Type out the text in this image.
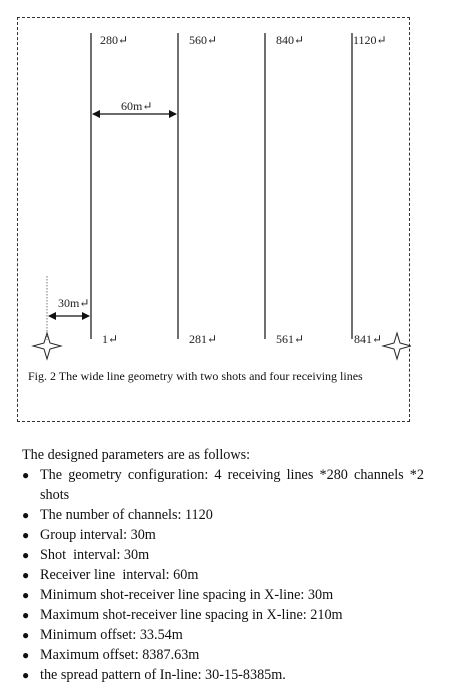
280↵	560↵	840↵	1120↵
1↵	281↵	561↵	841↵
60m↵
30m↵
Fig. 2 The wide line geometry with two shots and four receiving lines

The designed parameters are as follows:

● The geometry configuration: 4 receiving lines *280 channels *2 shots
● The number of channels: 1120
● Group interval: 30m
● Shot  interval: 30m
● Receiver line  interval: 60m
● Minimum shot-receiver line spacing in X-line: 30m
● Maximum shot-receiver line spacing in X-line: 210m
● Minimum offset: 33.54m
● Maximum offset: 8387.63m
● the spread pattern of In-line: 30-15-8385m.
